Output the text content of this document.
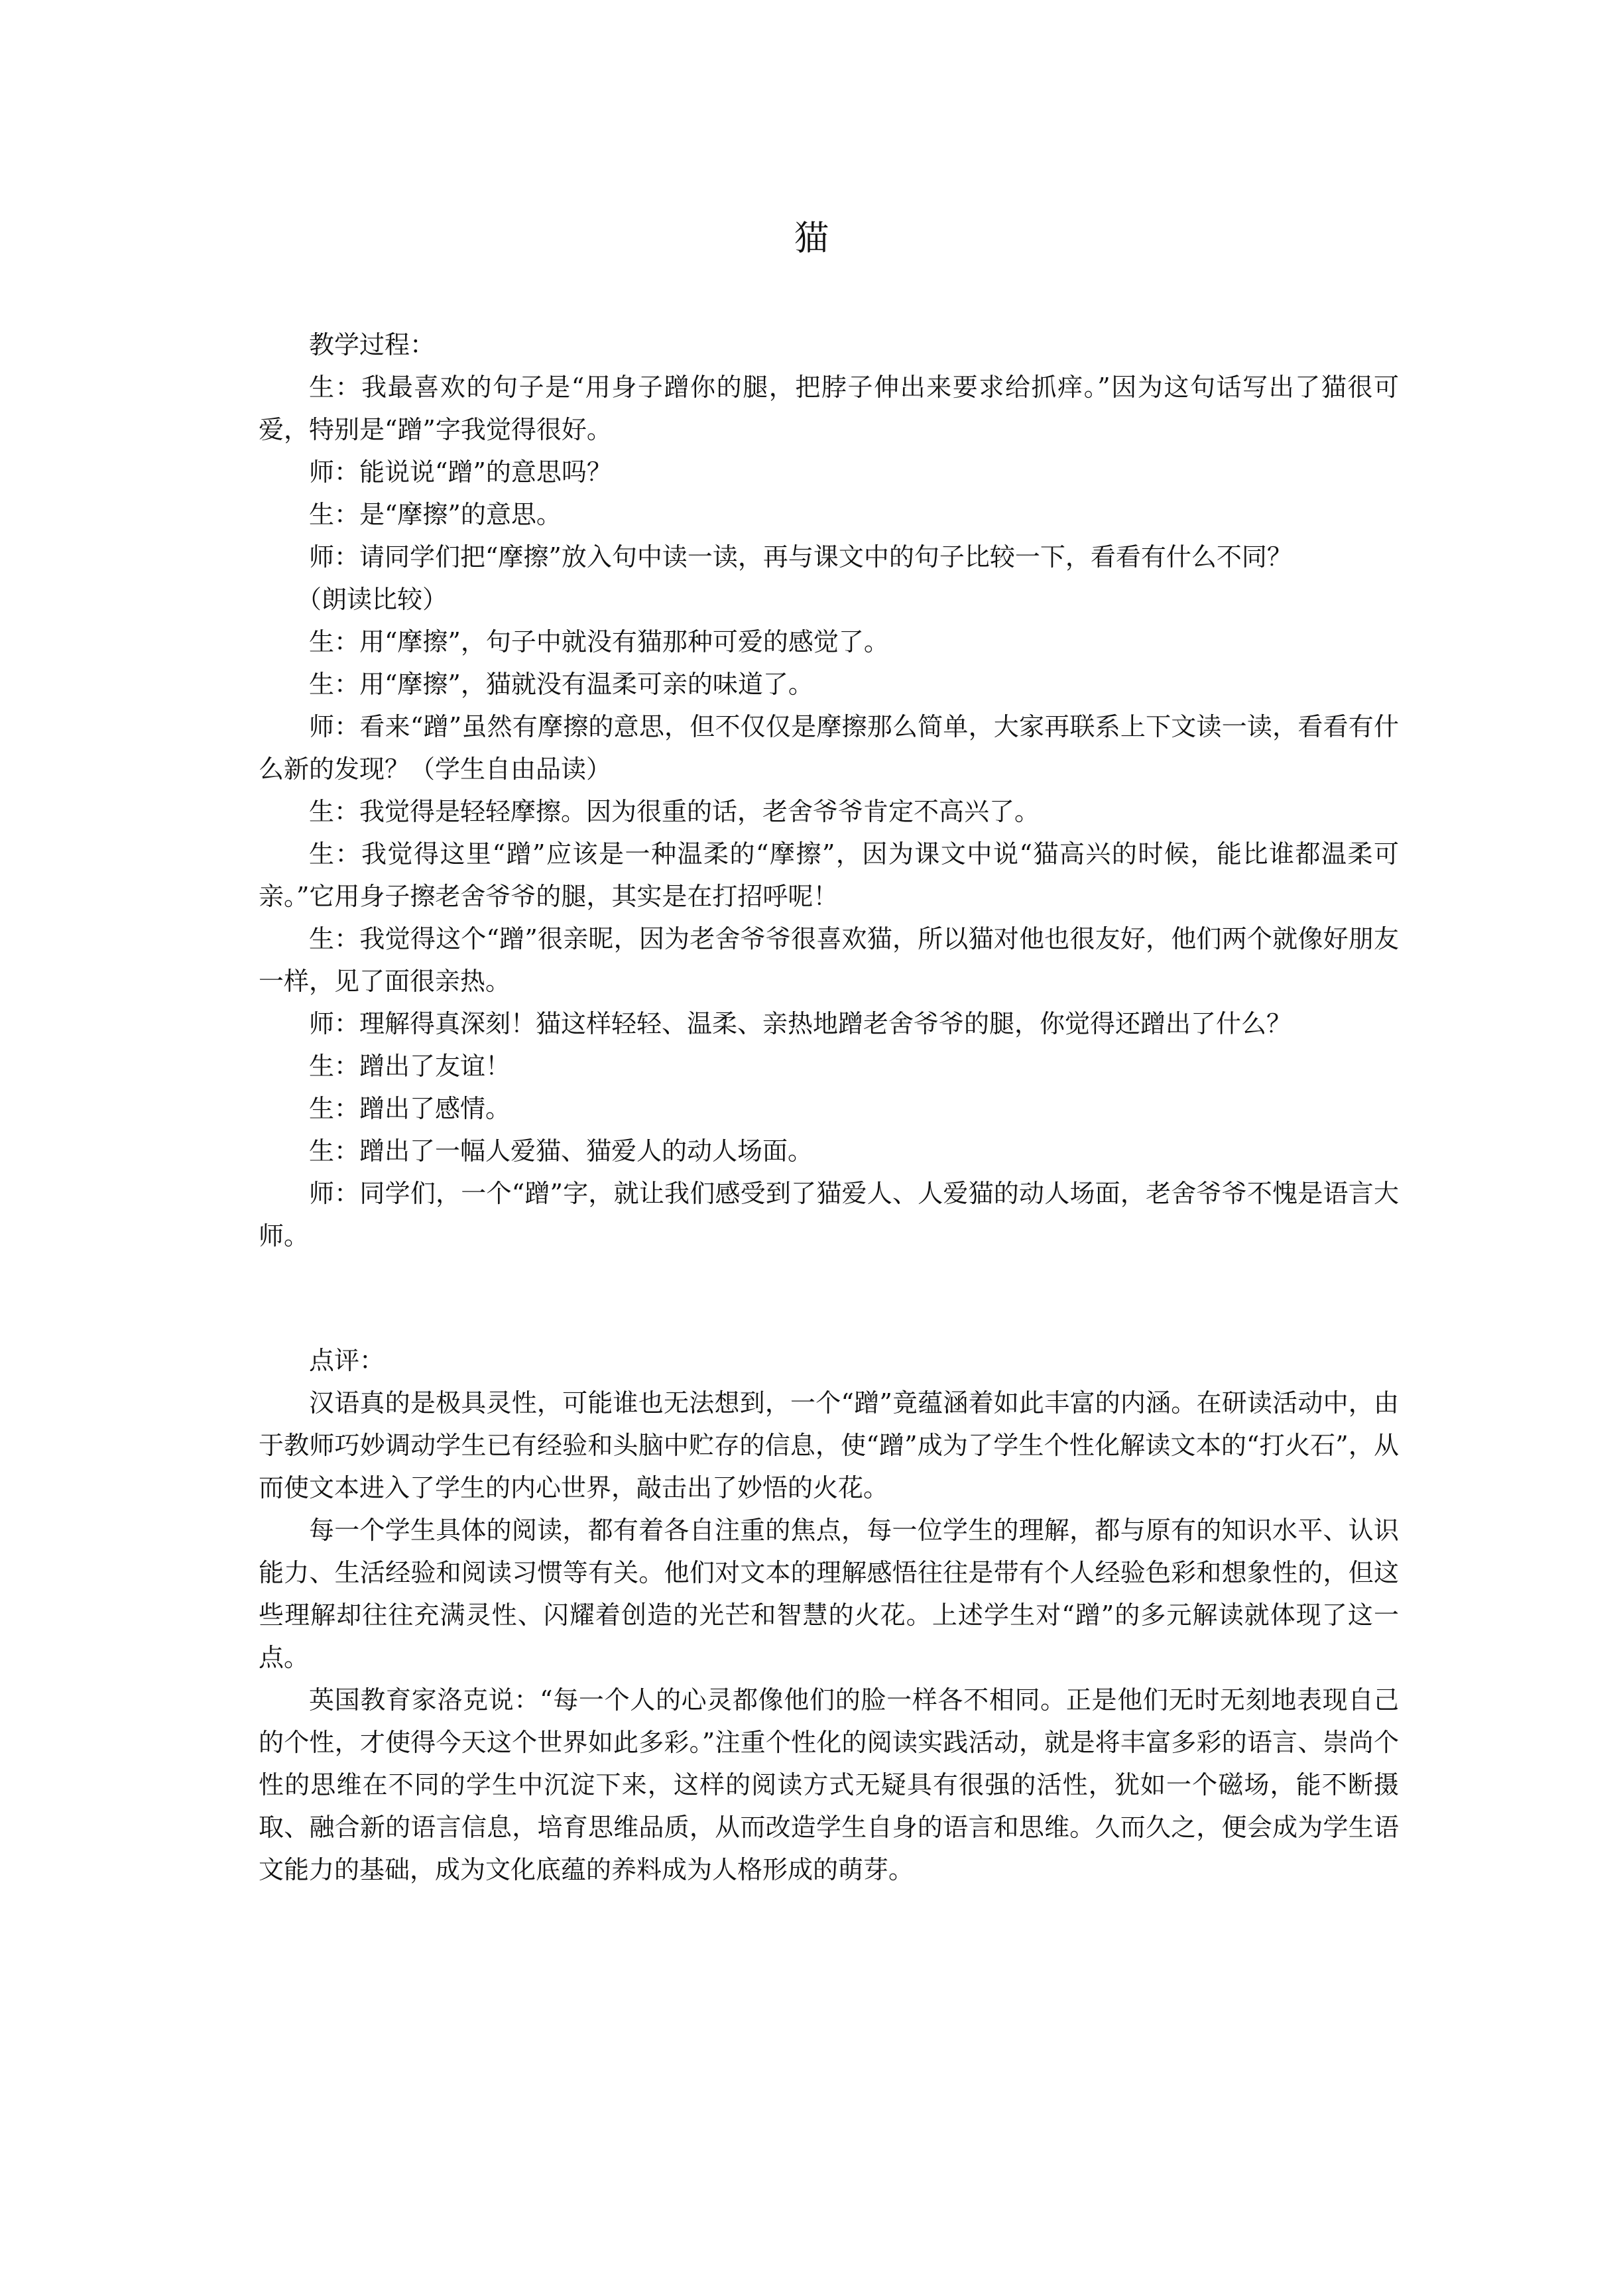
猫

教学过程：

生：我最喜欢的句子是“用身子蹭你的腿，把脖子伸出来要求给抓痒。”因为这句话写出了猫很可爱，特别是“蹭”字我觉得很好。

师：能说说“蹭”的意思吗？

生：是“摩擦”的意思。

师：请同学们把“摩擦”放入句中读一读，再与课文中的句子比较一下，看看有什么不同？

（朗读比较）

生：用“摩擦”，句子中就没有猫那种可爱的感觉了。

生：用“摩擦”，猫就没有温柔可亲的味道了。

师：看来“蹭”虽然有摩擦的意思，但不仅仅是摩擦那么简单，大家再联系上下文读一读，看看有什么新的发现？（学生自由品读）

生：我觉得是轻轻摩擦。因为很重的话，老舍爷爷肯定不高兴了。

生：我觉得这里“蹭”应该是一种温柔的“摩擦”，因为课文中说“猫高兴的时候，能比谁都温柔可亲。”它用身子擦老舍爷爷的腿，其实是在打招呼呢！

生：我觉得这个“蹭”很亲昵，因为老舍爷爷很喜欢猫，所以猫对他也很友好，他们两个就像好朋友一样，见了面很亲热。

师：理解得真深刻！猫这样轻轻、温柔、亲热地蹭老舍爷爷的腿，你觉得还蹭出了什么？

生：蹭出了友谊！

生：蹭出了感情。

生：蹭出了一幅人爱猫、猫爱人的动人场面。

师：同学们，一个“蹭”字，就让我们感受到了猫爱人、人爱猫的动人场面，老舍爷爷不愧是语言大师。

点评：

汉语真的是极具灵性，可能谁也无法想到，一个“蹭”竟蕴涵着如此丰富的内涵。在研读活动中，由于教师巧妙调动学生已有经验和头脑中贮存的信息，使“蹭”成为了学生个性化解读文本的“打火石”，从而使文本进入了学生的内心世界，敲击出了妙悟的火花。

每一个学生具体的阅读，都有着各自注重的焦点，每一位学生的理解，都与原有的知识水平、认识能力、生活经验和阅读习惯等有关。他们对文本的理解感悟往往是带有个人经验色彩和想象性的，但这些理解却往往充满灵性、闪耀着创造的光芒和智慧的火花。上述学生对“蹭”的多元解读就体现了这一点。

英国教育家洛克说：“每一个人的心灵都像他们的脸一样各不相同。正是他们无时无刻地表现自己的个性，才使得今天这个世界如此多彩。”注重个性化的阅读实践活动，就是将丰富多彩的语言、崇尚个性的思维在不同的学生中沉淀下来，这样的阅读方式无疑具有很强的活性，犹如一个磁场，能不断摄取、融合新的语言信息，培育思维品质，从而改造学生自身的语言和思维。久而久之，便会成为学生语文能力的基础，成为文化底蕴的养料成为人格形成的萌芽。
